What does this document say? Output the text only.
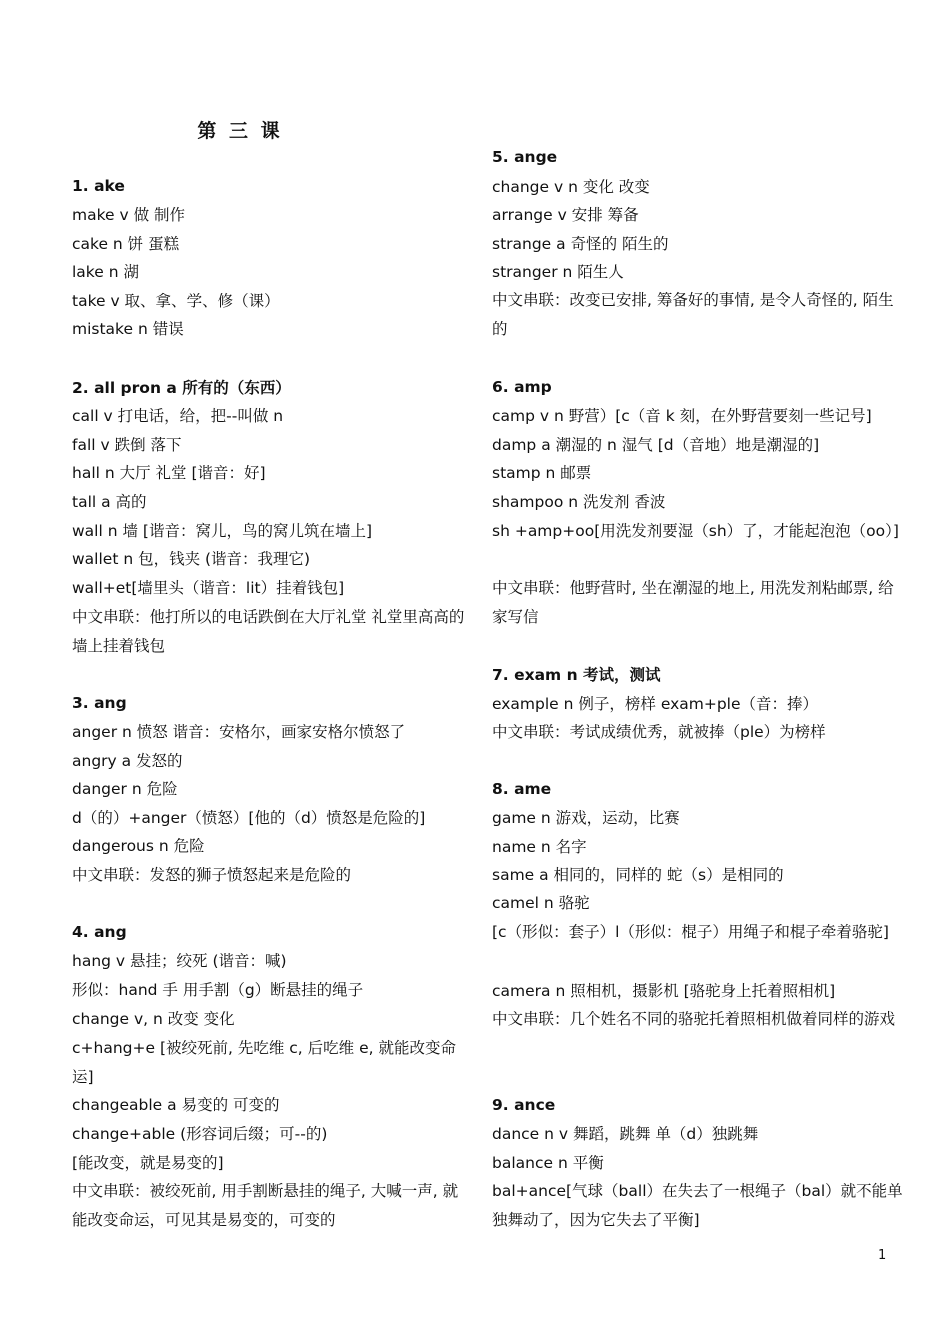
第 三 课
1. ake
make v 做 制作
cake n 饼 蛋糕
lake n 湖
take v 取、拿、学、修（课）
mistake n 错误
2. all pron a 所有的（东西）
call v 打电话，给，把--叫做 n
fall v 跌倒 落下
hall n 大厅 礼堂 [谐音：好]
tall a 高的
wall n 墙 [谐音：窝儿，鸟的窝儿筑在墙上]
wallet n 包，钱夹 (谐音：我理它)
wall+et[墙里头（谐音：lit）挂着钱包]
中文串联：他打所以的电话跌倒在大厅礼堂 礼堂里高高的墙上挂着钱包
3. ang
anger n 愤怒 谐音：安格尔，画家安格尔愤怒了
angry a 发怒的
danger n 危险
d（的）+anger（愤怒）[他的（d）愤怒是危险的]
dangerous n 危险
中文串联：发怒的狮子愤怒起来是危险的
4. ang
hang v 悬挂；绞死 (谐音：喊)
形似：hand 手 用手割（g）断悬挂的绳子
change v, n 改变 变化
c+hang+e [被绞死前, 先吃维 c, 后吃维 e, 就能改变命运]
changeable a 易变的 可变的
change+able (形容词后缀；可--的)
[能改变，就是易变的]
中文串联：被绞死前, 用手割断悬挂的绳子, 大喊一声, 就能改变命运，可见其是易变的，可变的
5. ange
change v n 变化 改变
arrange v 安排 筹备
strange a 奇怪的 陌生的
stranger n 陌生人
中文串联：改变已安排, 筹备好的事情, 是令人奇怪的, 陌生的
6. amp
camp v n 野营）[c（音 k 刻，在外野营要刻一些记号]
damp a 潮湿的 n 湿气 [d（音地）地是潮湿的]
stamp n 邮票
shampoo n 洗发剂 香波
sh +amp+oo[用洗发剂要湿（sh）了，才能起泡泡（oo）]
中文串联：他野营时, 坐在潮湿的地上, 用洗发剂粘邮票, 给家写信
7. exam n 考试，测试
example n 例子，榜样 exam+ple（音：捧）
中文串联：考试成绩优秀，就被捧（ple）为榜样
8. ame
game n 游戏，运动，比赛
name n 名字
same a 相同的，同样的 蛇（s）是相同的
camel n 骆驼
[c（形似：套子）l（形似：棍子）用绳子和棍子牵着骆驼]
camera n 照相机，摄影机 [骆驼身上托着照相机]
中文串联：几个姓名不同的骆驼托着照相机做着同样的游戏
9. ance
dance n v 舞蹈，跳舞 单（d）独跳舞
balance n 平衡
bal+ance[气球（ball）在失去了一根绳子（bal）就不能单独舞动了，因为它失去了平衡]
1
